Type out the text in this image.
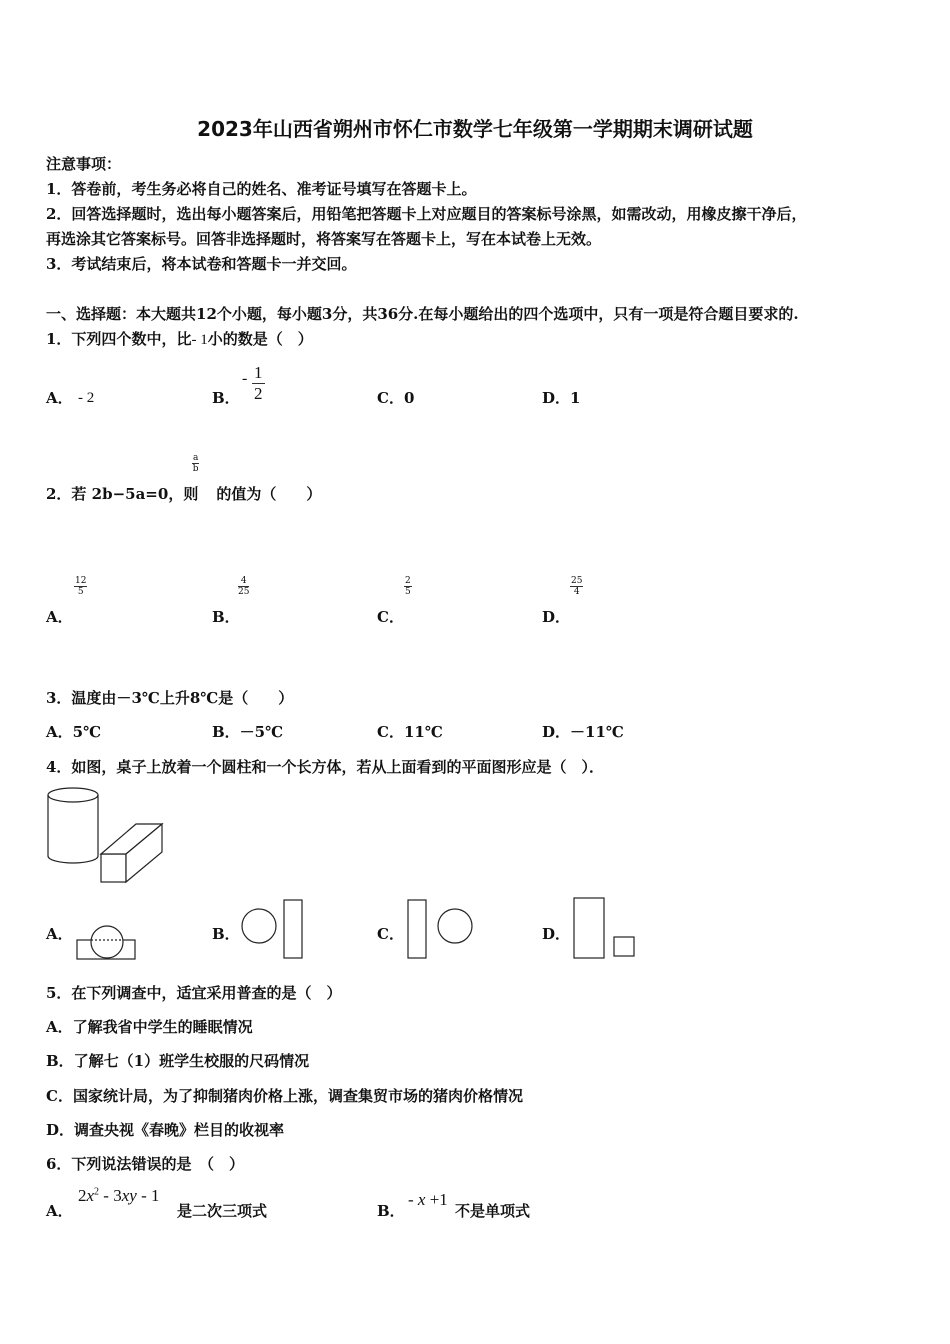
2023年山西省朔州市怀仁市数学七年级第一学期期末调研试题
注意事项：
1．答卷前，考生务必将自己的姓名、准考证号填写在答题卡上。
2．回答选择题时，选出每小题答案后，用铅笔把答题卡上对应题目的答案标号涂黑，如需改动，用橡皮擦干净后，
再选涂其它答案标号。回答非选择题时，将答案写在答题卡上，写在本试卷上无效。
3．考试结束后，将本试卷和答题卡一并交回。
一、选择题：本大题共12个小题，每小题3分，共36分.在每小题给出的四个选项中，只有一项是符合题目要求的.
1．下列四个数中，比- 1小的数是（　）
A． - 2	B．
- $\frac{1}{2}$	C．0	D．1
$\frac{a}{b}$
2．若 2b−5a=0，则 的值为（　　）
$\frac{12}{5}$
A．
$\frac{4}{25}$
B．
$\frac{2}{5}$
C．
$\frac{25}{4}$
D．
3．温度由－3℃上升8℃是（　　）
A．5℃	B．－5℃	C．11℃	D．－11℃
4．如图，桌子上放着一个圆柱和一个长方体，若从上面看到的平面图形应是（　）．
A．	B．	C．	D．
5．在下列调查中，适宜采用普查的是（　）
A．了解我省中学生的睡眠情况
B．了解七（1）班学生校服的尺码情况
C．国家统计局，为了抑制猪肉价格上涨，调查集贸市场的猪肉价格情况
D．调查央视《春晚》栏目的收视率
6．下列说法错误的是　（　）
A．
$2x^2 - 3xy - 1$
是二次三项式	B．
- x +1
不是单项式
